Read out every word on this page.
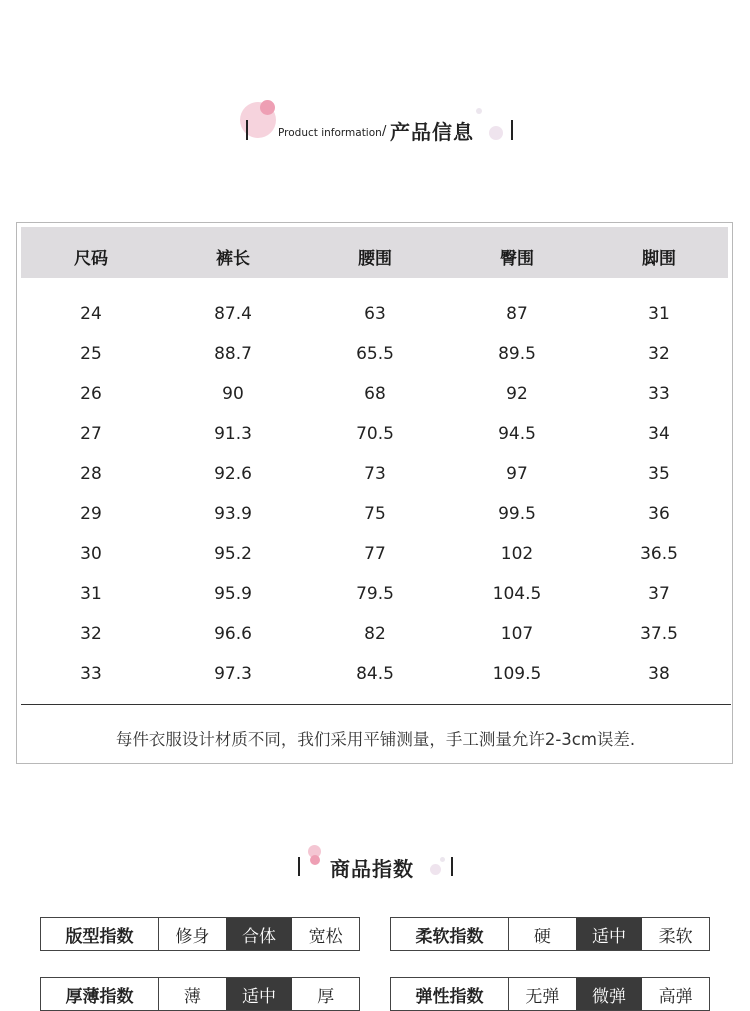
Product information / 产品信息
尺码	裤长	腰围	臀围	脚围
24	87.4	63	87	31
25	88.7	65.5	89.5	32
26	90	68	92	33
27	91.3	70.5	94.5	34
28	92.6	73	97	35
29	93.9	75	99.5	36
30	95.2	77	102	36.5
31	95.9	79.5	104.5	37
32	96.6	82	107	37.5
33	97.3	84.5	109.5	38
每件衣服设计材质不同，我们采用平铺测量，手工测量允许2-3cm误差.
商品指数
版型指数	修身	合体	宽松	柔软指数	硬	适中	柔软
厚薄指数	薄	适中	厚	弹性指数	无弹	微弹	高弹
